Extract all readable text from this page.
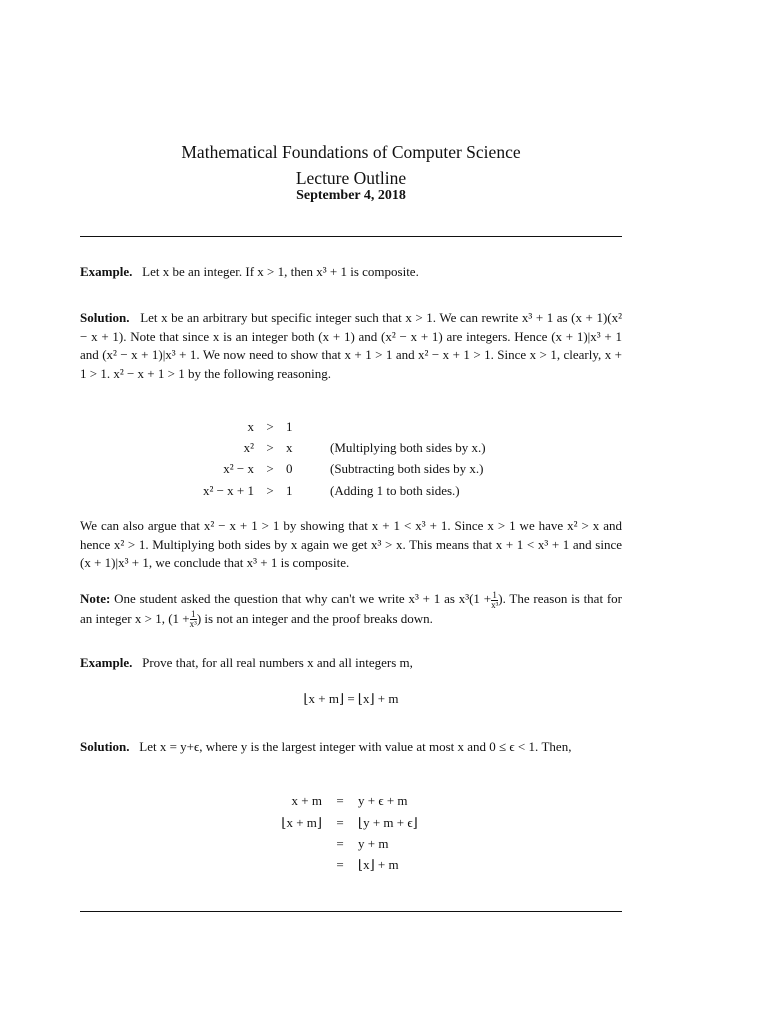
Mathematical Foundations of Computer Science
Lecture Outline
September 4, 2018
Example. Let x be an integer. If x > 1, then x³ + 1 is composite.
Solution. Let x be an arbitrary but specific integer such that x > 1. We can rewrite x³ + 1 as (x + 1)(x² − x + 1). Note that since x is an integer both (x + 1) and (x² − x + 1) are integers. Hence (x + 1)|x³ + 1 and (x² − x + 1)|x³ + 1. We now need to show that x + 1 > 1 and x² − x + 1 > 1. Since x > 1, clearly, x + 1 > 1. x² − x + 1 > 1 by the following reasoning.
x > 1
x² > x	(Multiplying both sides by x.)
x² − x > 0	(Subtracting both sides by x.)
x² − x + 1 > 1	(Adding 1 to both sides.)
We can also argue that x² − x + 1 > 1 by showing that x + 1 < x³ + 1. Since x > 1 we have x² > x and hence x² > 1. Multiplying both sides by x again we get x³ > x. This means that x + 1 < x³ + 1 and since (x + 1)|x³ + 1, we conclude that x³ + 1 is composite.
Note: One student asked the question that why can't we write x³ + 1 as $x^3(1 + \frac{1}{\text{x³}}$ ). The reason is that for an integer x > 1, ($1 + \frac{1}{\text{x³}}$ ) is not an integer and the proof breaks down.
Example. Prove that, for all real numbers x and all integers m,
⌊x + m⌋ = ⌊x⌋ + m
Solution. Let x = y+ϵ, where y is the largest integer with value at most x and 0 ≤ ϵ < 1. Then,
x + m = y + ϵ + m
⌊x + m⌋ = ⌊y + m + ϵ⌋
= y + m
= ⌊x⌋ + m
